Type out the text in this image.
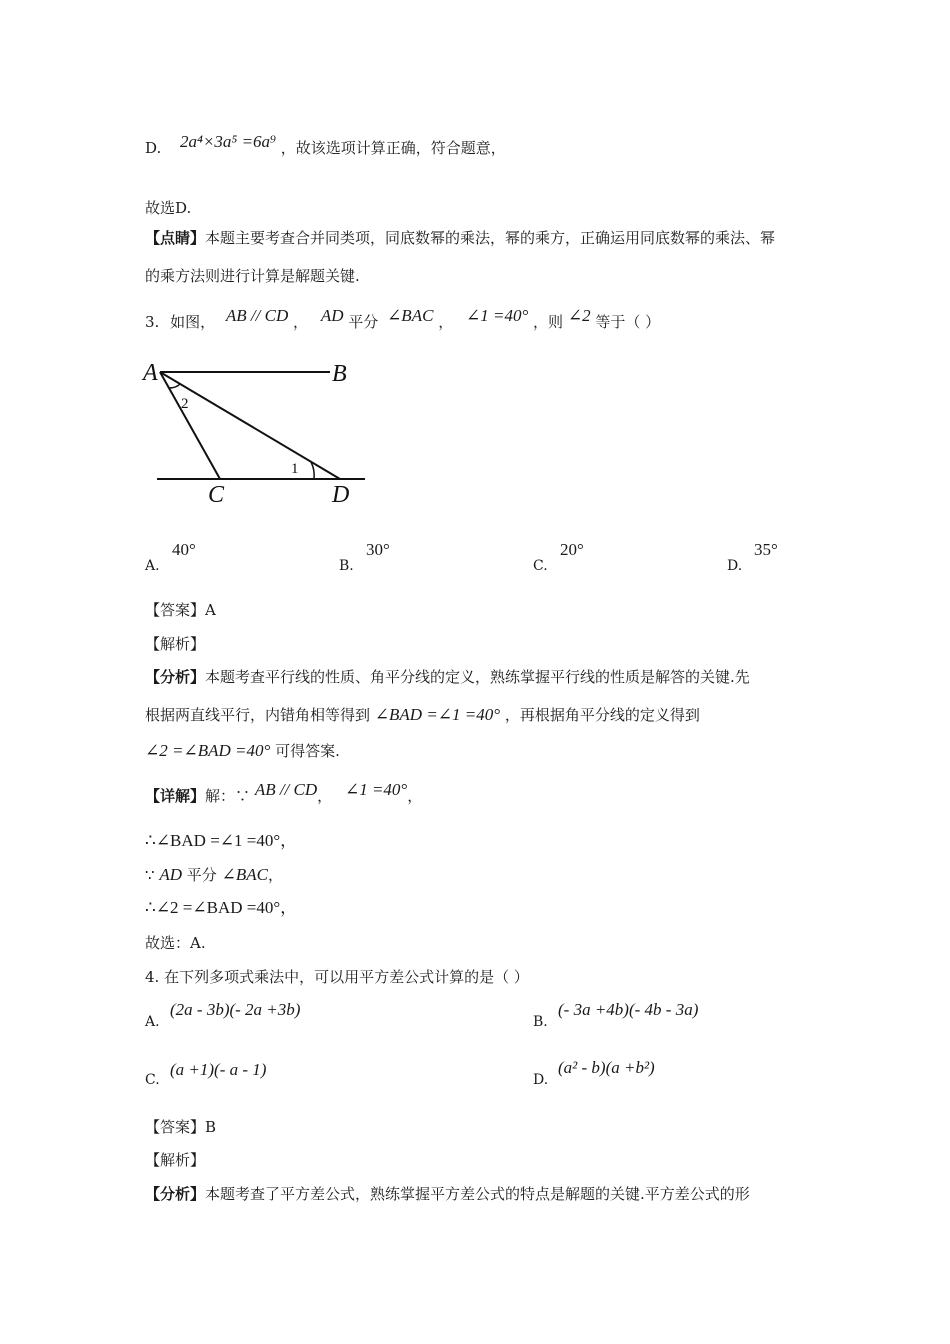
D. 2a⁴×3a⁵ =6a⁹ ，故该选项计算正确，符合题意，
故选D.
【点睛】本题主要考查合并同类项，同底数幂的乘法，幂的乘方，正确运用同底数幂的乘法、幂
的乘方法则进行计算是解题关键.
3. 如图， AB // CD ， AD 平分 ∠BAC ， ∠1 =40° ，则 ∠2 等于（ ）
A	B
C	D
2
1
A.
40°
B.
30°
C.
20°
D.
35°
【答案】A
【解析】
【分析】本题考查平行线的性质、角平分线的定义，熟练掌握平行线的性质是解答的关键.先
根据两直线平行，内错角相等得到 ∠BAD =∠1 =40° ，再根据角平分线的定义得到
∠2 =∠BAD =40° 可得答案.
【详解】解：∵ AB // CD， ∠1 =40°，
∴∠BAD =∠1 =40°，
∵ AD 平分 ∠BAC，
∴∠2 =∠BAD =40°，
故选：A.
4. 在下列多项式乘法中，可以用平方差公式计算的是（ ）
A.
(2a - 3b)(- 2a +3b)
B.
(- 3a +4b)(- 4b - 3a)
C.
(a +1)(- a - 1)
D.
(a² - b)(a +b²)
【答案】B
【解析】
【分析】本题考查了平方差公式，熟练掌握平方差公式的特点是解题的关键.平方差公式的形
